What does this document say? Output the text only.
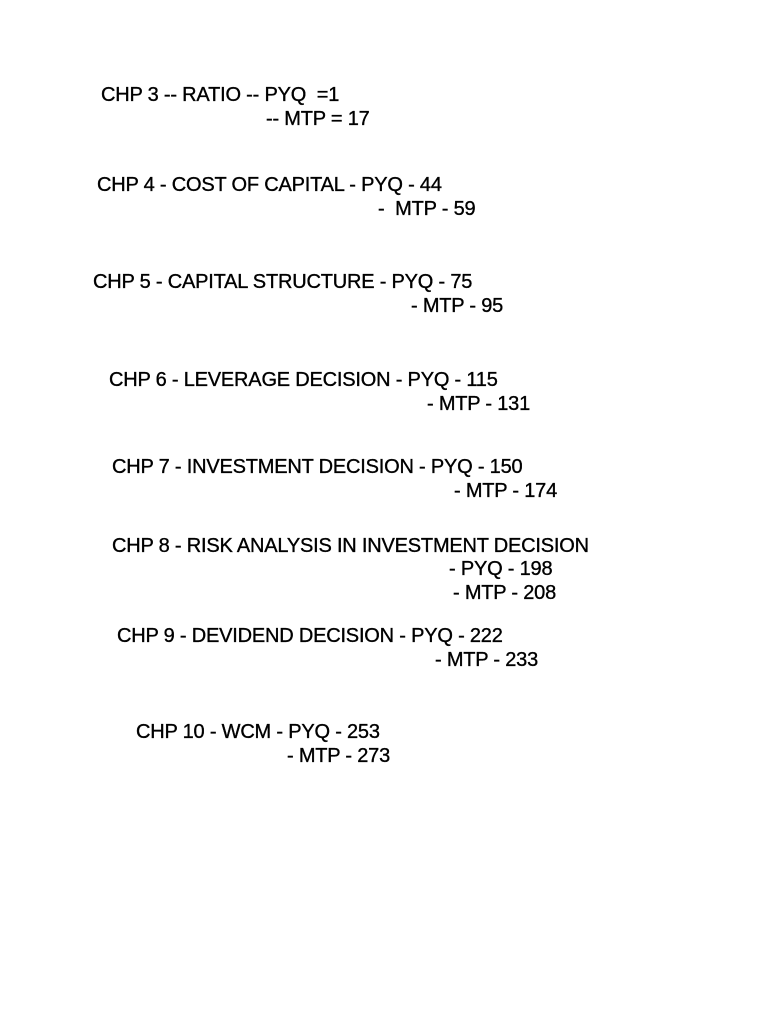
CHP 3 -- RATIO -- PYQ  =1
-- MTP = 17
CHP 4 - COST OF CAPITAL - PYQ - 44
-  MTP - 59
CHP 5 - CAPITAL STRUCTURE - PYQ - 75
- MTP - 95
CHP 6 - LEVERAGE DECISION - PYQ - 115
- MTP - 131
CHP 7 - INVESTMENT DECISION - PYQ - 150
- MTP - 174
CHP 8 - RISK ANALYSIS IN INVESTMENT DECISION
- PYQ - 198
- MTP - 208
CHP 9 - DEVIDEND DECISION - PYQ - 222
- MTP - 233
CHP 10 - WCM - PYQ - 253
- MTP - 273
